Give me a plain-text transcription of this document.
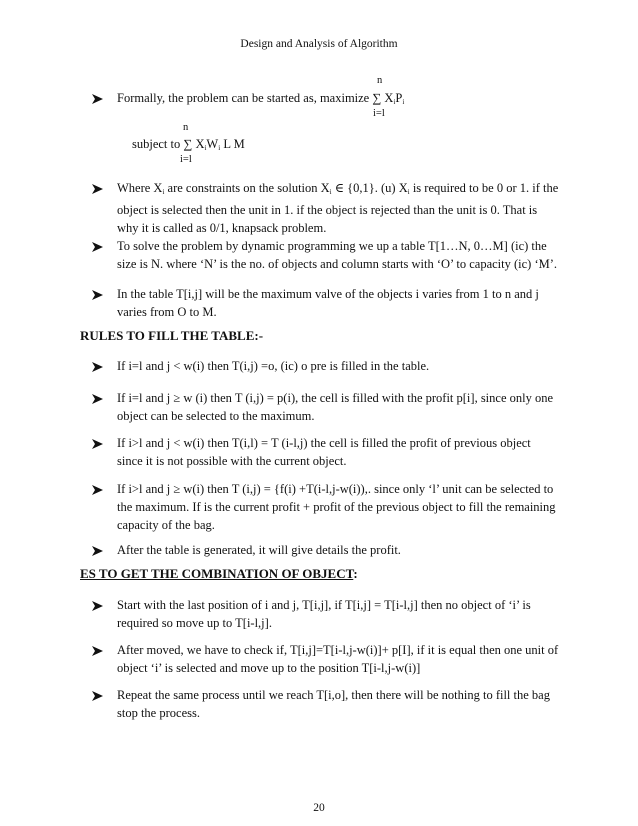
Design and Analysis of Algorithm
n
Formally, the problem can be started as, maximize ∑ $X_iP_i$
i=l
n
subject to ∑ $X_iW_i$ L M
i=l
Where $X_i$ are constraints on the solution $X_i$ ∈ {0,1}. (u) $X_i$ is required to be 0 or 1. if the
object is selected then the unit in 1. if the object is rejected than the unit is 0. That is
why it is called as 0/1, knapsack problem.
To solve the problem by dynamic programming we up a table T[1…N, 0…M] (ic) the
size is N. where ‘N’ is the no. of objects and column starts with ‘O’ to capacity (ic) ‘M’.
In the table T[i,j] will be the maximum valve of the objects i varies from 1 to n and j
varies from O to M.
RULES TO FILL THE TABLE:-
If i=l and j < w(i) then T(i,j) =o, (ic) o pre is filled in the table.
If i=l and j ≥ w (i) then T (i,j) = p(i), the cell is filled with the profit p[i], since only one
object can be selected to the maximum.
If i>l and j < w(i) then T(i,l) = T (i-l,j) the cell is filled the profit of previous object
since it is not possible with the current object.
If i>l and j ≥ w(i) then T (i,j) = {f(i) +T(i-l,j-w(i)),. since only ‘l’ unit can be selected to
the maximum. If is the current profit + profit of the previous object to fill the remaining
capacity of the bag.
After the table is generated, it will give details the profit.
ES TO GET THE COMBINATION OF OBJECT:
Start with the last position of i and j, T[i,j], if T[i,j] = T[i-l,j] then no object of ‘i’ is
required so move up to T[i-l,j].
After moved, we have to check if, T[i,j]=T[i-l,j-w(i)]+ p[I], if it is equal then one unit of
object ‘i’ is selected and move up to the position T[i-l,j-w(i)]
Repeat the same process until we reach T[i,o], then there will be nothing to fill the bag
stop the process.
20
